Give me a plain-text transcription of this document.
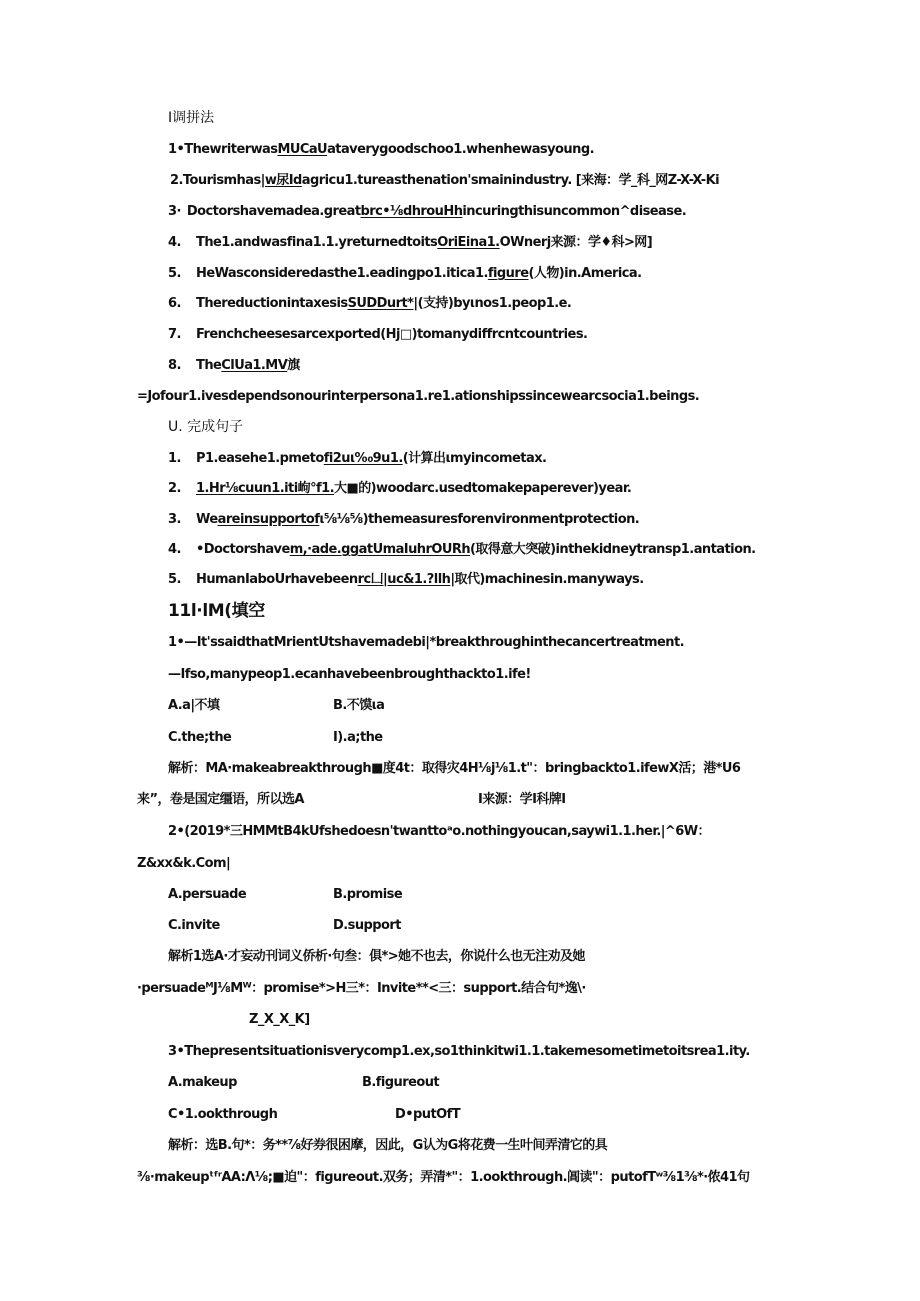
I调拼法
1•ThewriterwasMUCaUataverygoodschoo1.whenhewasyoung.
2.Tourismhas|w尿Idagricu1.tureasthenation'smainindustry. [来海：学_科_网Z-X-X-Ki
3· Doctorshavemadea.greatbrc•⅛dhrouHhincuringthisuncommon^disease.
4. The1.andwasfina1.1.yreturnedtoitsOriEina1.OWnerj来源：学♦科>网]
5. HeWasconsideredasthe1.eadingpo1.itica1.figure(人物)in.America.
6. ThereductionintaxesisSUDDurt*|(支持)byιnos1.peop1.e.
7. Frenchcheesesarcexported(Hj□)tomanydiffrcntcountries.
8. TheClUa1.MV旗
=Jofour1.ivesdependsonourinterpersona1.re1.ationshipssincewearcsocia1.beings.
U. 完成句子
1. P1.easehe1.pmetofi2uι‰9u1.(计算出ιmyincometax.
2. 1.Hr⅛cuun1.iti岣°f1.大■的)woodarc.usedtomakepaperever)year.
3. Weareinsupportofι⅝⅛⅝)themeasuresforenvironmentprotection.
4. •Doctorshavem,·ade.ggatUmaIuhrOURh(取得意大突破)inthekidneytransp1.antation.
5. HumanIaboUrhavebeenrc凵|uc&1.?llh|取代)machinesin.manyways.
11l·lM(填空
1•—It'ssaidthatMrientUtshavemadebi|*breakthroughinthecancertreatment.
—Ifso,manypeop1.ecanhavebeenbroughthackto1.ife!
A.a|不填	B.不馍ιa
C.the;the	I).a;the
解析：MA·makeabreakthrough■度4t：取得灾4H⅛j⅛1.t"：bringbackto1.ifewX活；港*U6
来”，卷是国定缰语，所以选A	I来源：学I科牌I
2•(2019*三HMMtB4kUfshedoesn'twanttoᵃo.nothingyoucan,saywi1.1.her.|^6W：
Z&xx&k.Com|
A.persuade	B.promise
C.invite	D.support
解析1选A·才妄动刊词义侨析·句叁：俱*>她不也去，你说什么也无注劝及她
·persuadeᴹJ⅛Mᵂ：promise*>H三*：Invite**<三：support.结合句*逸\·
Z_X_X_K]
3•Thepresentsituationisverycomp1.ex,so1thinkitwi1.1.takemesometimetoitsrea1.ity.
A.makeup	B.figureout
C•1.ookthrough	D•putOfT
解析：选B.句*：务**⅞好券很困摩，因此，G认为G将花费一生叶间弄清它的具
⅜·makeupᵗᶠʳAA:Λ⅛;■迫"：figureout.双务；弄清*"：1.ookthrough.阊读"：putofTʷ⅜1⅜*·侬41句
